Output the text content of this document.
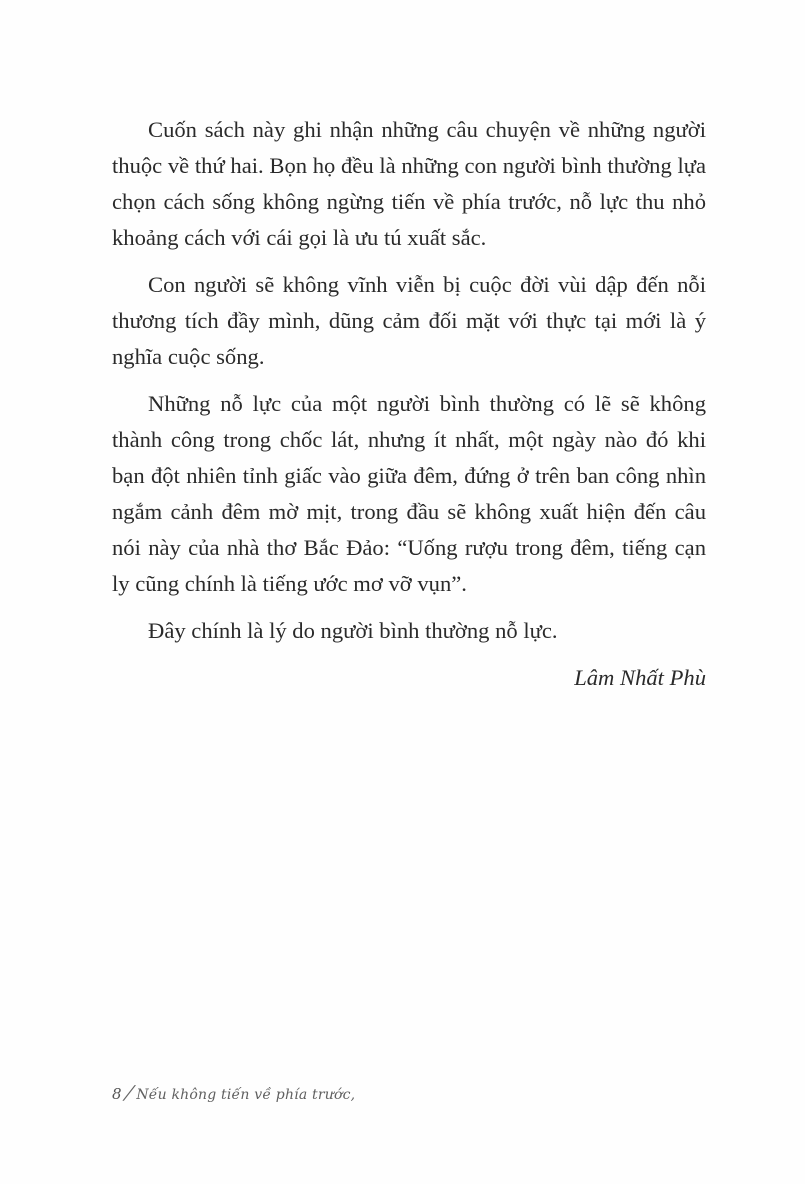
Cuốn sách này ghi nhận những câu chuyện về những người thuộc về thứ hai. Bọn họ đều là những con người bình thường lựa chọn cách sống không ngừng tiến về phía trước, nỗ lực thu nhỏ khoảng cách với cái gọi là ưu tú xuất sắc.

Con người sẽ không vĩnh viễn bị cuộc đời vùi dập đến nỗi thương tích đầy mình, dũng cảm đối mặt với thực tại mới là ý nghĩa cuộc sống.

Những nỗ lực của một người bình thường có lẽ sẽ không thành công trong chốc lát, nhưng ít nhất, một ngày nào đó khi bạn đột nhiên tỉnh giấc vào giữa đêm, đứng ở trên ban công nhìn ngắm cảnh đêm mờ mịt, trong đầu sẽ không xuất hiện đến câu nói này của nhà thơ Bắc Đảo: “Uống rượu trong đêm, tiếng cạn ly cũng chính là tiếng ước mơ vỡ vụn”.

Đây chính là lý do người bình thường nỗ lực.

Lâm Nhất Phù

8/Nếu không tiến về phía trước,
